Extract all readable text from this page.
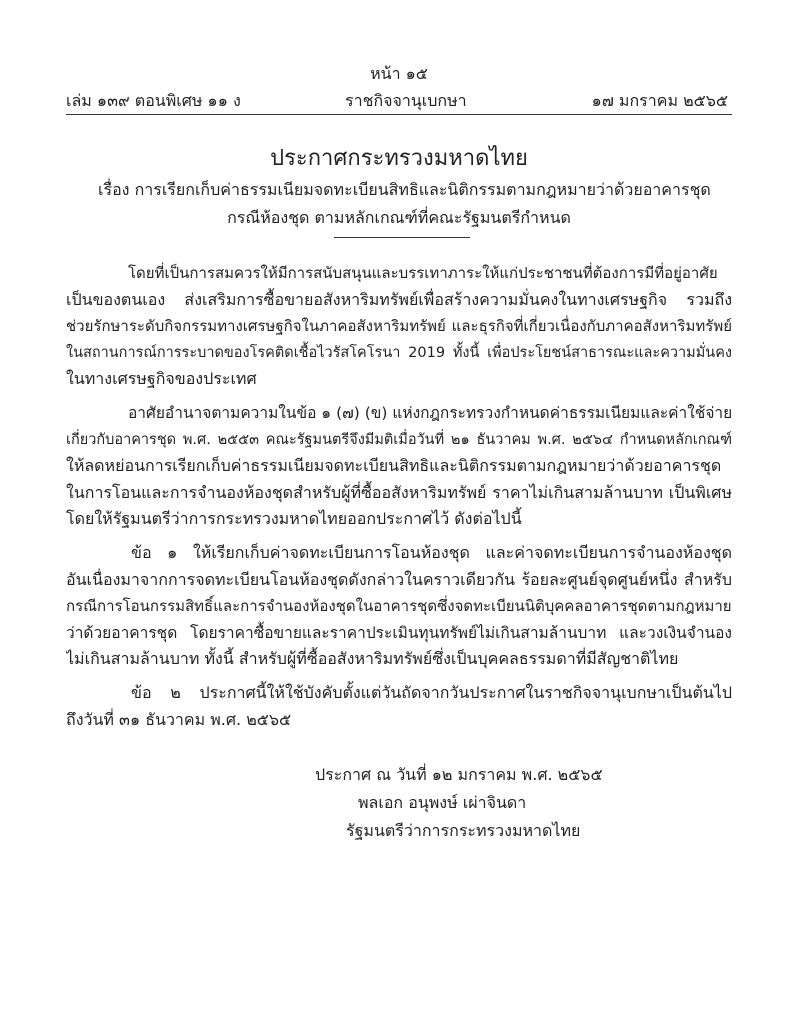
หน้า ๑๕
เล่ม ๑๓๙ ตอนพิเศษ ๑๑ ง	ราชกิจจานุเบกษา	๑๗ มกราคม ๒๕๖๕
ประกาศกระทรวงมหาดไทย
เรื่อง การเรียกเก็บค่าธรรมเนียมจดทะเบียนสิทธิและนิติกรรมตามกฎหมายว่าด้วยอาคารชุด
กรณีห้องชุด ตามหลักเกณฑ์ที่คณะรัฐมนตรีกำหนด
โดยที่เป็นการสมควรให้มีการสนับสนุนและบรรเทาภาระให้แก่ประชาชนที่ต้องการมีที่อยู่อาศัย
เป็นของตนเอง ส่งเสริมการซื้อขายอสังหาริมทรัพย์เพื่อสร้างความมั่นคงในทางเศรษฐกิจ รวมถึง
ช่วยรักษาระดับกิจกรรมทางเศรษฐกิจในภาคอสังหาริมทรัพย์ และธุรกิจที่เกี่ยวเนื่องกับภาคอสังหาริมทรัพย์
ในสถานการณ์การระบาดของโรคติดเชื้อไวรัสโคโรนา 2019 ทั้งนี้ เพื่อประโยชน์สาธารณะและความมั่นคง
ในทางเศรษฐกิจของประเทศ
อาศัยอำนาจตามความในข้อ ๑ (๗) (ข) แห่งกฎกระทรวงกำหนดค่าธรรมเนียมและค่าใช้จ่าย
เกี่ยวกับอาคารชุด พ.ศ. ๒๕๕๓ คณะรัฐมนตรีจึงมีมติเมื่อวันที่ ๒๑ ธันวาคม พ.ศ. ๒๕๖๔ กำหนดหลักเกณฑ์
ให้ลดหย่อนการเรียกเก็บค่าธรรมเนียมจดทะเบียนสิทธิและนิติกรรมตามกฎหมายว่าด้วยอาคารชุด
ในการโอนและการจำนองห้องชุดสำหรับผู้ที่ซื้ออสังหาริมทรัพย์ ราคาไม่เกินสามล้านบาท เป็นพิเศษ
โดยให้รัฐมนตรีว่าการกระทรวงมหาดไทยออกประกาศไว้ ดังต่อไปนี้
ข้อ ๑ ให้เรียกเก็บค่าจดทะเบียนการโอนห้องชุด และค่าจดทะเบียนการจำนองห้องชุด
อันเนื่องมาจากการจดทะเบียนโอนห้องชุดดังกล่าวในคราวเดียวกัน ร้อยละศูนย์จุดศูนย์หนึ่ง สำหรับ
กรณีการโอนกรรมสิทธิ์และการจำนองห้องชุดในอาคารชุดซึ่งจดทะเบียนนิติบุคคลอาคารชุดตามกฎหมาย
ว่าด้วยอาคารชุด โดยราคาซื้อขายและราคาประเมินทุนทรัพย์ไม่เกินสามล้านบาท และวงเงินจำนอง
ไม่เกินสามล้านบาท ทั้งนี้ สำหรับผู้ที่ซื้ออสังหาริมทรัพย์ซึ่งเป็นบุคคลธรรมดาที่มีสัญชาติไทย
ข้อ ๒ ประกาศนี้ให้ใช้บังคับตั้งแต่วันถัดจากวันประกาศในราชกิจจานุเบกษาเป็นต้นไป
ถึงวันที่ ๓๑ ธันวาคม พ.ศ. ๒๕๖๕
ประกาศ ณ วันที่ ๑๒ มกราคม พ.ศ. ๒๕๖๕
พลเอก อนุพงษ์ เผ่าจินดา
รัฐมนตรีว่าการกระทรวงมหาดไทย
